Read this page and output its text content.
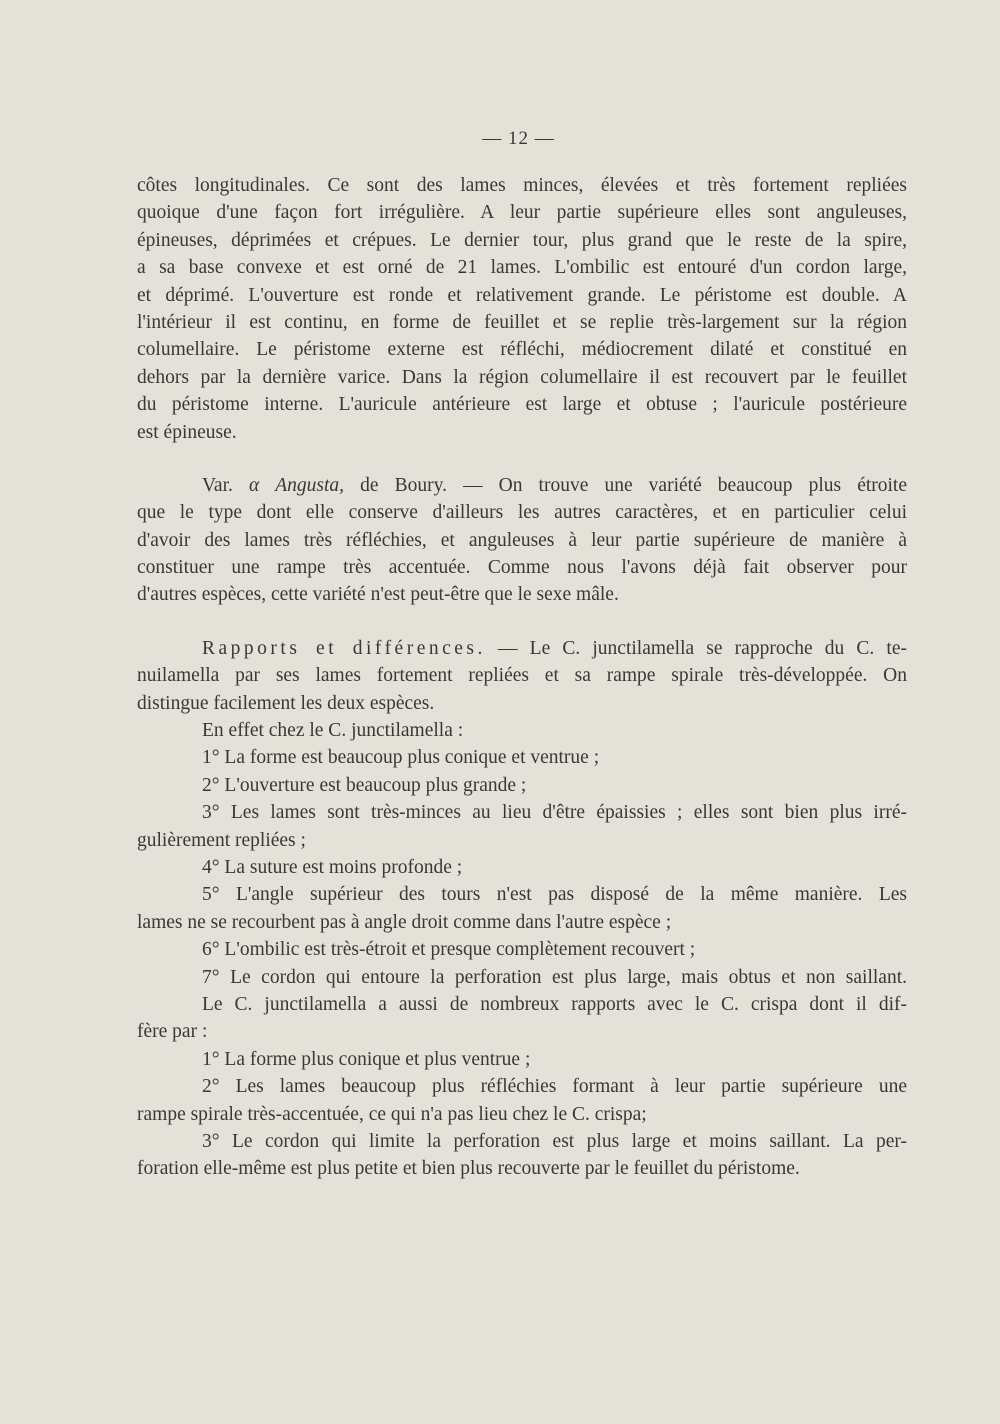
— 12 —
côtes longitudinales. Ce sont des lames minces, élevées et très fortement repliées
quoique d'une façon fort irrégulière. A leur partie supérieure elles sont anguleuses,
épineuses, déprimées et crépues. Le dernier tour, plus grand que le reste de la spire,
a sa base convexe et est orné de 21 lames. L'ombilic est entouré d'un cordon large,
et déprimé. L'ouverture est ronde et relativement grande. Le péristome est double. A
l'intérieur il est continu, en forme de feuillet et se replie très-largement sur la région
columellaire. Le péristome externe est réfléchi, médiocrement dilaté et constitué en
dehors par la dernière varice. Dans la région columellaire il est recouvert par le feuillet
du péristome interne. L'auricule antérieure est large et obtuse ; l'auricule postérieure
est épineuse.
Var. α Angusta, de Boury. — On trouve une variété beaucoup plus étroite
que le type dont elle conserve d'ailleurs les autres caractères, et en particulier celui
d'avoir des lames très réfléchies, et anguleuses à leur partie supérieure de manière à
constituer une rampe très accentuée. Comme nous l'avons déjà fait observer pour
d'autres espèces, cette variété n'est peut-être que le sexe mâle.
Rapports et différences. — Le C. junctilamella se rapproche du C. te-
nuilamella par ses lames fortement repliées et sa rampe spirale très-développée. On
distingue facilement les deux espèces.
En effet chez le C. junctilamella :
1° La forme est beaucoup plus conique et ventrue ;
2° L'ouverture est beaucoup plus grande ;
3° Les lames sont très-minces au lieu d'être épaissies ; elles sont bien plus irré-
gulièrement repliées ;
4° La suture est moins profonde ;
5° L'angle supérieur des tours n'est pas disposé de la même manière. Les
lames ne se recourbent pas à angle droit comme dans l'autre espèce ;
6° L'ombilic est très-étroit et presque complètement recouvert ;
7° Le cordon qui entoure la perforation est plus large, mais obtus et non saillant.
Le C. junctilamella a aussi de nombreux rapports avec le C. crispa dont il dif-
fère par :
1° La forme plus conique et plus ventrue ;
2° Les lames beaucoup plus réfléchies formant à leur partie supérieure une
rampe spirale très-accentuée, ce qui n'a pas lieu chez le C. crispa;
3° Le cordon qui limite la perforation est plus large et moins saillant. La per-
foration elle-même est plus petite et bien plus recouverte par le feuillet du péristome.
